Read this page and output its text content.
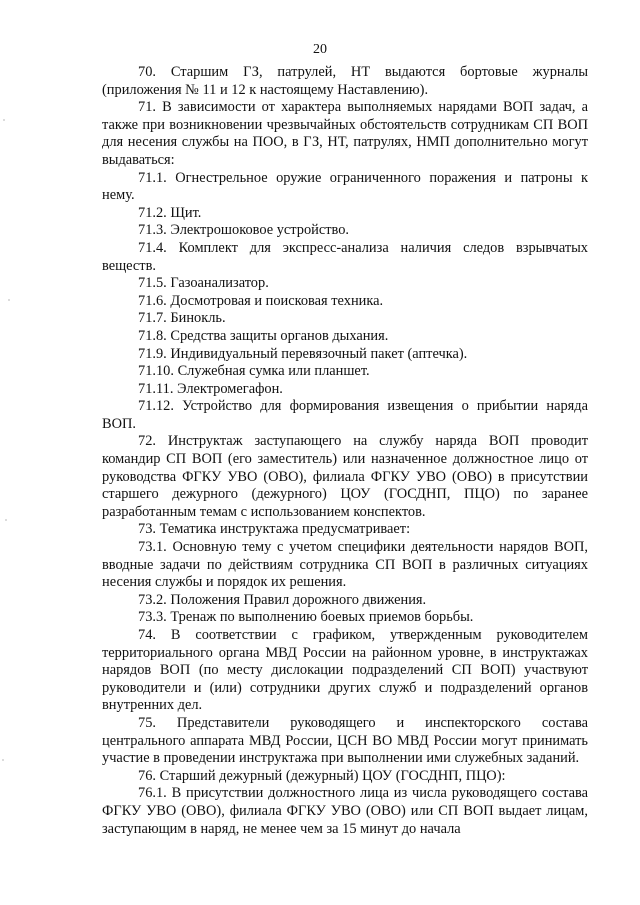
20

70. Старшим ГЗ, патрулей, НТ выдаются бортовые журналы (приложения № 11 и 12 к настоящему Наставлению).

71. В зависимости от характера выполняемых нарядами ВОП задач, а также при возникновении чрезвычайных обстоятельств сотрудникам СП ВОП для несения службы на ПОО, в ГЗ, НТ, патрулях, НМП дополнительно могут выдаваться:

71.1. Огнестрельное оружие ограниченного поражения и патроны к нему.

71.2. Щит.

71.3. Электрошоковое устройство.

71.4. Комплект для экспресс-анализа наличия следов взрывчатых веществ.

71.5. Газоанализатор.

71.6. Досмотровая и поисковая техника.

71.7. Бинокль.

71.8. Средства защиты органов дыхания.

71.9. Индивидуальный перевязочный пакет (аптечка).

71.10. Служебная сумка или планшет.

71.11. Электромегафон.

71.12. Устройство для формирования извещения о прибытии наряда ВОП.

72. Инструктаж заступающего на службу наряда ВОП проводит командир СП ВОП (его заместитель) или назначенное должностное лицо от руководства ФГКУ УВО (ОВО), филиала ФГКУ УВО (ОВО) в присутствии старшего дежурного (дежурного) ЦОУ (ГОСДНП, ПЦО) по заранее разработанным темам с использованием конспектов.

73. Тематика инструктажа предусматривает:

73.1. Основную тему с учетом специфики деятельности нарядов ВОП, вводные задачи по действиям сотрудника СП ВОП в различных ситуациях несения службы и порядок их решения.

73.2. Положения Правил дорожного движения.

73.3. Тренаж по выполнению боевых приемов борьбы.

74. В соответствии с графиком, утвержденным руководителем территориального органа МВД России на районном уровне, в инструктажах нарядов ВОП (по месту дислокации подразделений СП ВОП) участвуют руководители и (или) сотрудники других служб и подразделений органов внутренних дел.

75. Представители руководящего и инспекторского состава центрального аппарата МВД России, ЦСН ВО МВД России могут принимать участие в проведении инструктажа при выполнении ими служебных заданий.

76. Старший дежурный (дежурный) ЦОУ (ГОСДНП, ПЦО):

76.1. В присутствии должностного лица из числа руководящего состава ФГКУ УВО (ОВО), филиала ФГКУ УВО (ОВО) или СП ВОП выдает лицам, заступающим в наряд, не менее чем за 15 минут до начала
